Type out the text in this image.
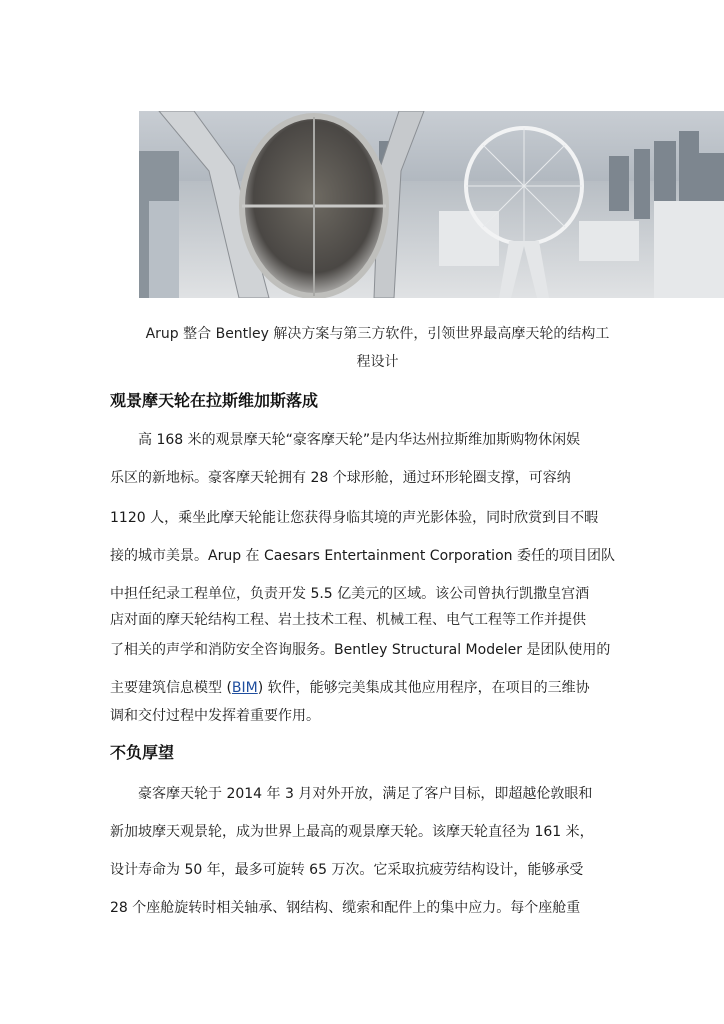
Arup 整合 Bentley 解决方案与第三方软件，引领世界最高摩天轮的结构工
程设计
观景摩天轮在拉斯维加斯落成
高 168 米的观景摩天轮“豪客摩天轮”是内华达州拉斯维加斯购物休闲娱
乐区的新地标。豪客摩天轮拥有 28 个球形舱，通过环形轮圈支撑，可容纳
1120 人，乘坐此摩天轮能让您获得身临其境的声光影体验，同时欣赏到目不暇
接的城市美景。Arup 在 Caesars Entertainment Corporation 委任的项目团队
中担任纪录工程单位，负责开发 5.5 亿美元的区域。该公司曾执行凯撒皇宫酒
店对面的摩天轮结构工程、岩土技术工程、机械工程、电气工程等工作并提供
了相关的声学和消防安全咨询服务。Bentley Structural Modeler 是团队使用的
主要建筑信息模型 (BIM) 软件，能够完美集成其他应用程序，在项目的三维协
调和交付过程中发挥着重要作用。
不负厚望
豪客摩天轮于 2014 年 3 月对外开放，满足了客户目标，即超越伦敦眼和
新加坡摩天观景轮，成为世界上最高的观景摩天轮。该摩天轮直径为 161 米，
设计寿命为 50 年，最多可旋转 65 万次。它采取抗疲劳结构设计，能够承受
28 个座舱旋转时相关轴承、钢结构、缆索和配件上的集中应力。每个座舱重
